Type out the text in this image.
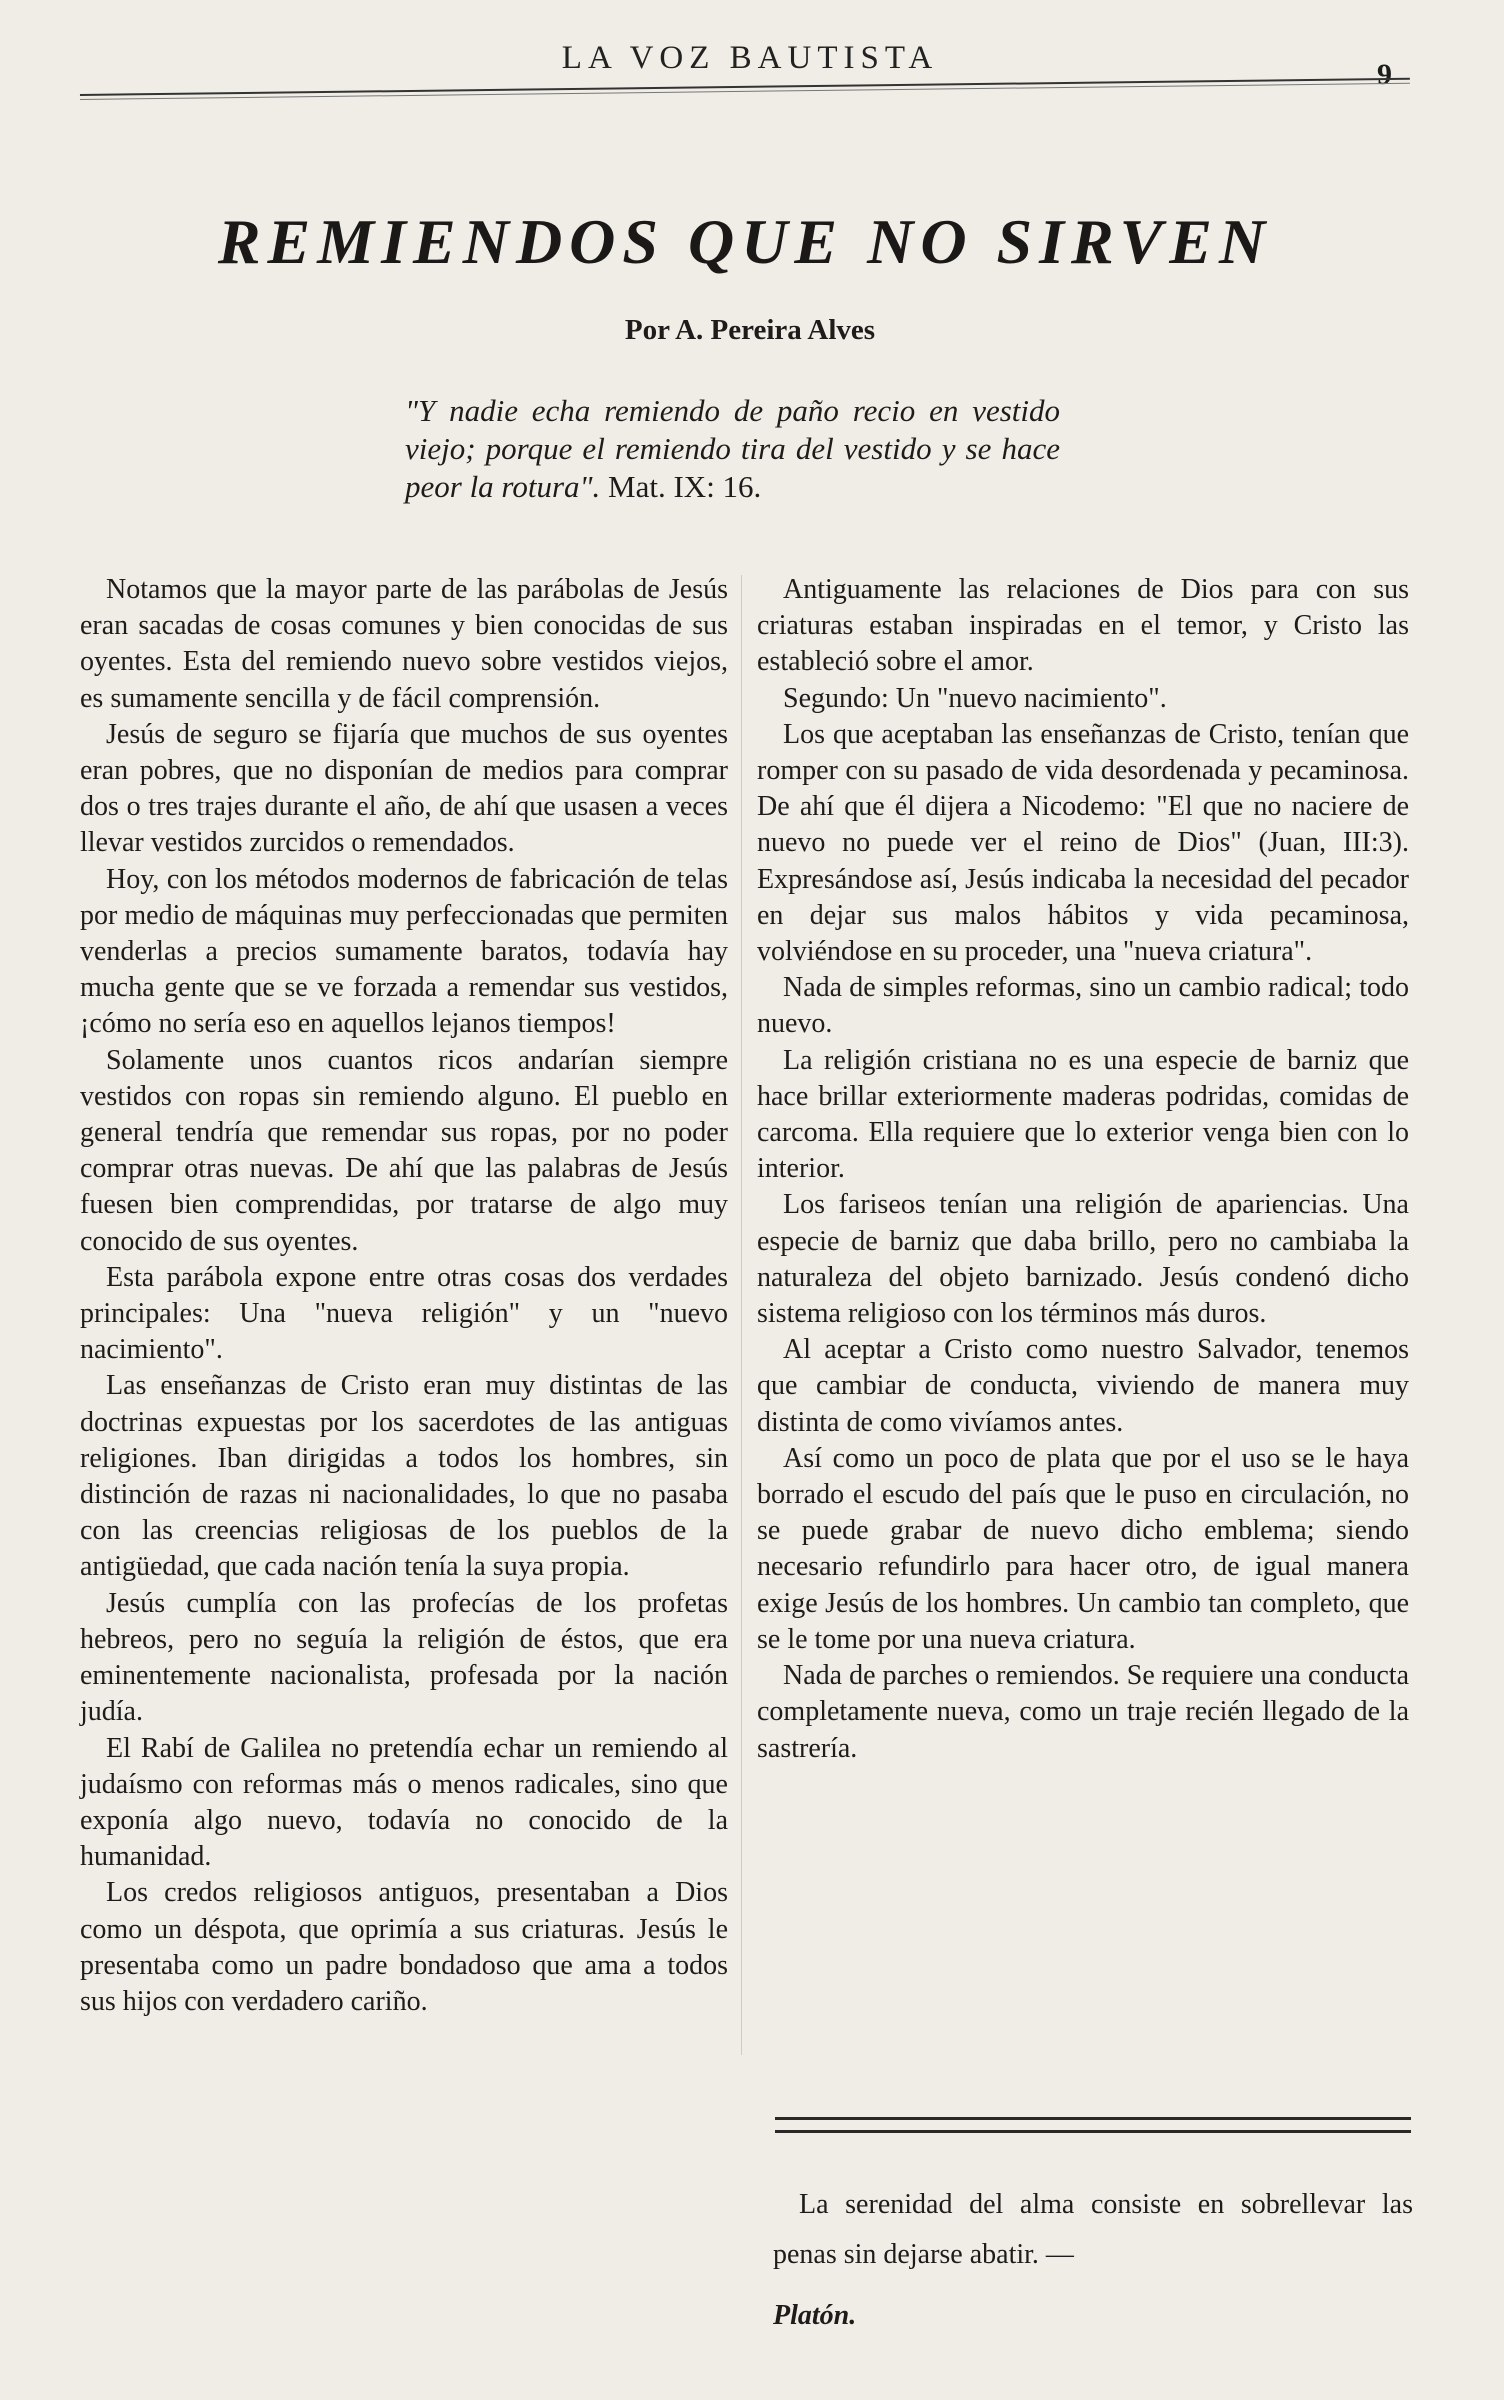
LA VOZ BAUTISTA	9
REMIENDOS QUE NO SIRVEN
Por A. Pereira Alves
"Y nadie echa remiendo de paño recio en vestido viejo; porque el remiendo tira del vestido y se hace peor la rotura". Mat. IX: 16.

Notamos que la mayor parte de las parábolas de Jesús eran sacadas de cosas comunes y bien conocidas de sus oyentes. Esta del remiendo nuevo sobre vestidos viejos, es sumamente sencilla y de fácil comprensión.

Jesús de seguro se fijaría que muchos de sus oyentes eran pobres, que no disponían de medios para comprar dos o tres trajes durante el año, de ahí que usasen a veces llevar vestidos zurcidos o remendados.

Hoy, con los métodos modernos de fabricación de telas por medio de máquinas muy perfeccionadas que permiten venderlas a precios sumamente baratos, todavía hay mucha gente que se ve forzada a remendar sus vestidos, ¡cómo no sería eso en aquellos lejanos tiempos!

Solamente unos cuantos ricos andarían siempre vestidos con ropas sin remiendo alguno. El pueblo en general tendría que remendar sus ropas, por no poder comprar otras nuevas. De ahí que las palabras de Jesús fuesen bien comprendidas, por tratarse de algo muy conocido de sus oyentes.

Esta parábola expone entre otras cosas dos verdades principales: Una "nueva religión" y un "nuevo nacimiento".

Las enseñanzas de Cristo eran muy distintas de las doctrinas expuestas por los sacerdotes de las antiguas religiones. Iban dirigidas a todos los hombres, sin distinción de razas ni nacionalidades, lo que no pasaba con las creencias religiosas de los pueblos de la antigüedad, que cada nación tenía la suya propia.

Jesús cumplía con las profecías de los profetas hebreos, pero no seguía la religión de éstos, que era eminentemente nacionalista, profesada por la nación judía.

El Rabí de Galilea no pretendía echar un remiendo al judaísmo con reformas más o menos radicales, sino que exponía algo nuevo, todavía no conocido de la humanidad.

Los credos religiosos antiguos, presentaban a Dios como un déspota, que oprimía a sus criaturas. Jesús le presentaba como un padre bondadoso que ama a todos sus hijos con verdadero cariño.

Antiguamente las relaciones de Dios para con sus criaturas estaban inspiradas en el temor, y Cristo las estableció sobre el amor.

Segundo: Un "nuevo nacimiento".

Los que aceptaban las enseñanzas de Cristo, tenían que romper con su pasado de vida desordenada y pecaminosa. De ahí que él dijera a Nicodemo: "El que no naciere de nuevo no puede ver el reino de Dios" (Juan, III:3). Expresándose así, Jesús indicaba la necesidad del pecador en dejar sus malos hábitos y vida pecaminosa, volviéndose en su proceder, una "nueva criatura".

Nada de simples reformas, sino un cambio radical; todo nuevo.

La religión cristiana no es una especie de barniz que hace brillar exteriormente maderas podridas, comidas de carcoma. Ella requiere que lo exterior venga bien con lo interior.

Los fariseos tenían una religión de apariencias. Una especie de barniz que daba brillo, pero no cambiaba la naturaleza del objeto barnizado. Jesús condenó dicho sistema religioso con los términos más duros.

Al aceptar a Cristo como nuestro Salvador, tenemos que cambiar de conducta, viviendo de manera muy distinta de como vivíamos antes.

Así como un poco de plata que por el uso se le haya borrado el escudo del país que le puso en circulación, no se puede grabar de nuevo dicho emblema; siendo necesario refundirlo para hacer otro, de igual manera exige Jesús de los hombres. Un cambio tan completo, que se le tome por una nueva criatura.

Nada de parches o remiendos. Se requiere una conducta completamente nueva, como un traje recién llegado de la sastrería.

La serenidad del alma consiste en sobrellevar las penas sin dejarse abatir. —

Platón.
